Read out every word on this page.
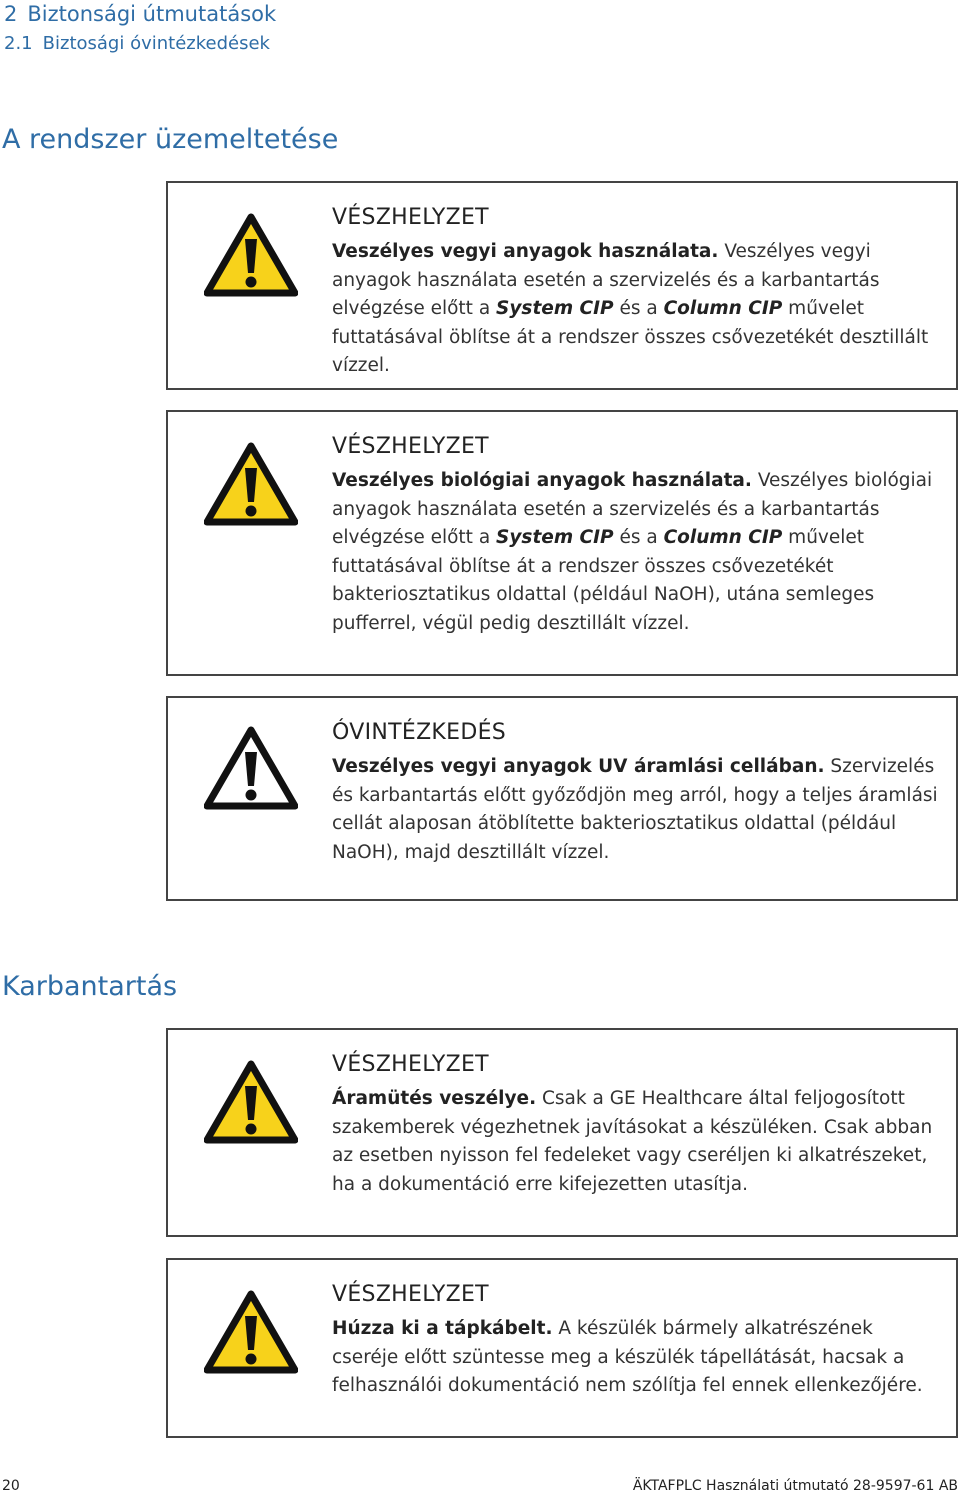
2 Biztonsági útmutatások
2.1 Biztosági óvintézkedések
A rendszer üzemeltetése
VÉSZHELYZET
Veszélyes vegyi anyagok használata. Veszélyes vegyi anyagok használata esetén a szervizelés és a karbantartás elvégzése előtt a System CIP és a Column CIP művelet futtatásával öblítse át a rendszer összes csővezetékét desztillált vízzel.
VÉSZHELYZET
Veszélyes biológiai anyagok használata. Veszélyes biológiai anyagok használata esetén a szervizelés és a karbantartás elvégzése előtt a System CIP és a Column CIP művelet futtatásával öblítse át a rendszer összes csővezetékét bakteriosztatikus oldattal (például NaOH), utána semleges pufferrel, végül pedig desztillált vízzel.
ÓVINTÉZKEDÉS
Veszélyes vegyi anyagok UV áramlási cellában. Szervizelés és karbantartás előtt győződjön meg arról, hogy a teljes áramlási cellát alaposan átöblítette bakteriosztatikus oldattal (például NaOH), majd desztillált vízzel.
Karbantartás
VÉSZHELYZET
Áramütés veszélye. Csak a GE Healthcare által feljogosított szakemberek végezhetnek javításokat a készüléken. Csak abban az esetben nyisson fel fedeleket vagy cseréljen ki alkatrészeket, ha a dokumentáció erre kifejezetten utasítja.
VÉSZHELYZET
Húzza ki a tápkábelt. A készülék bármely alkatrészének cseréje előtt szüntesse meg a készülék tápellátását, hacsak a felhasználói dokumentáció nem szólítja fel ennek ellenkezőjére.
20	ÄKTAFPLC Használati útmutató 28-9597-61 AB
